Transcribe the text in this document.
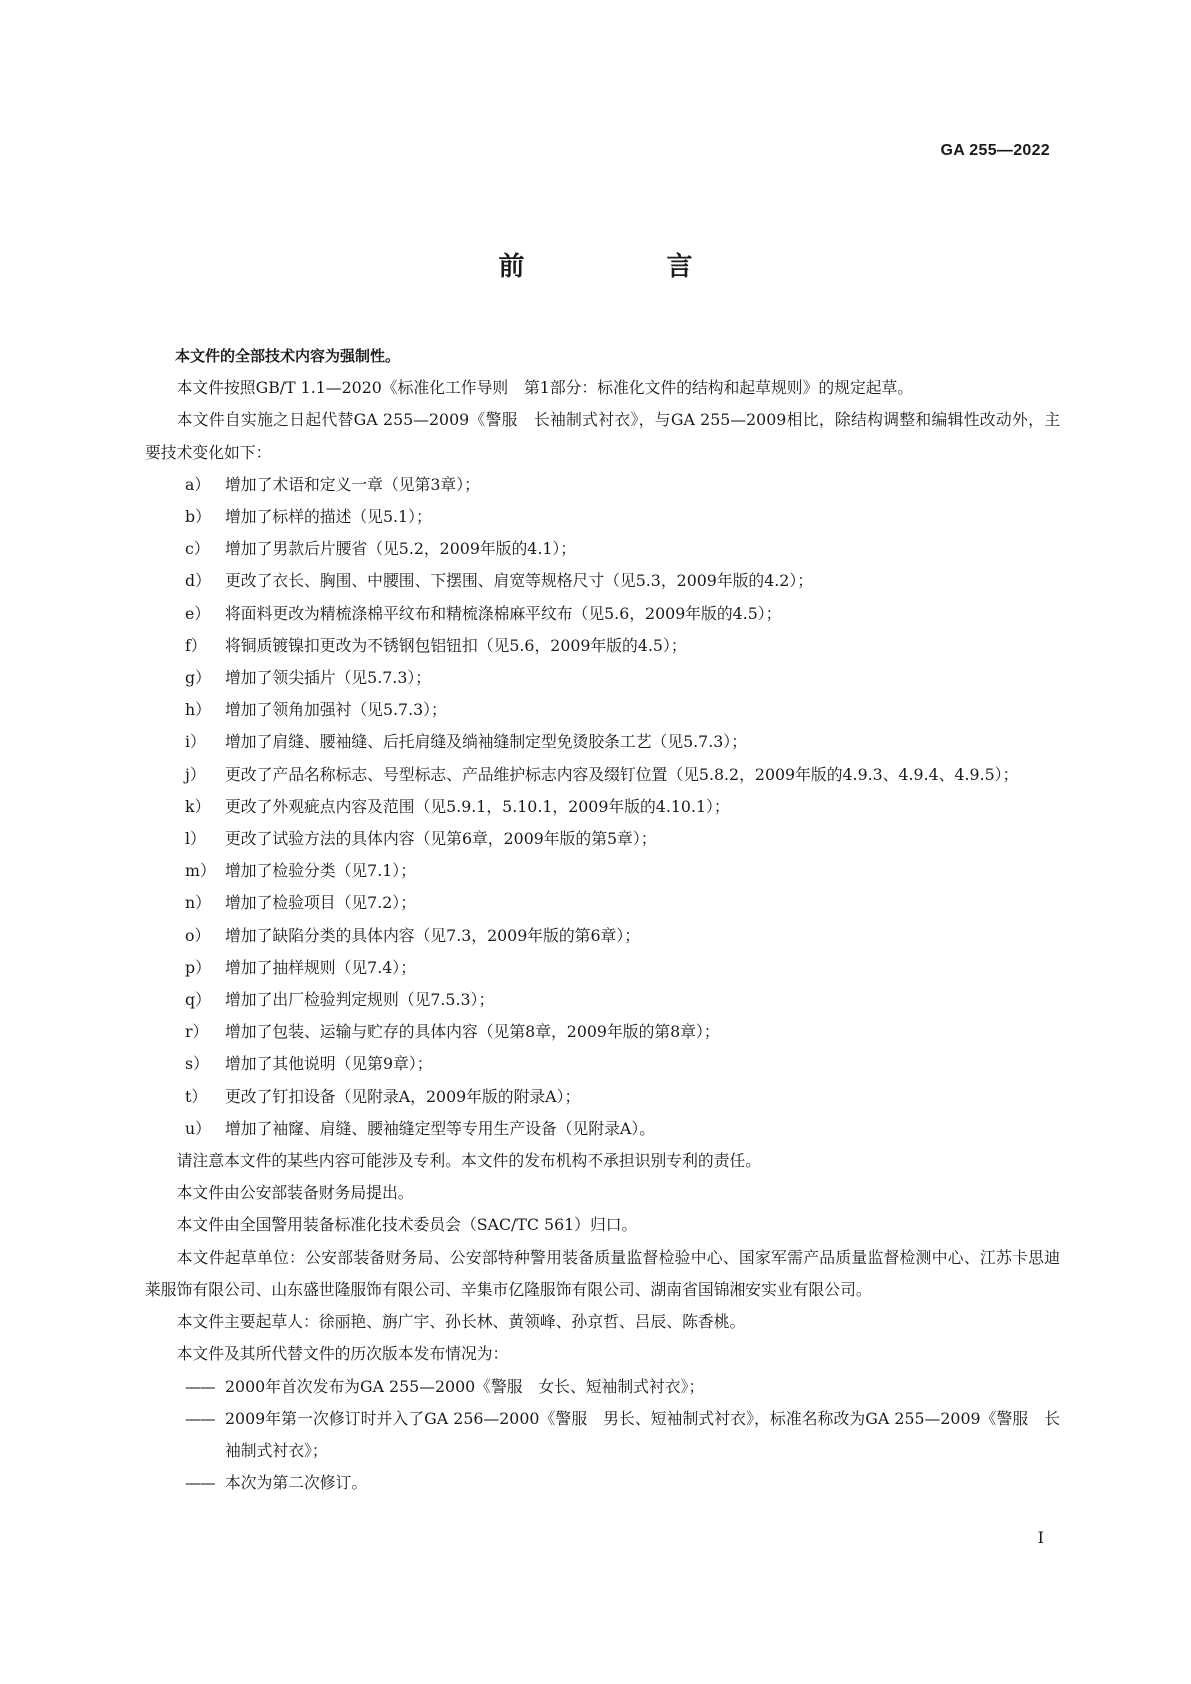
GA 255—2022
前　言

本文件的全部技术内容为强制性。

本文件按照GB/T 1.1—2020《标准化工作导则　第1部分：标准化文件的结构和起草规则》的规定起草。

本文件自实施之日起代替GA 255—2009《警服　长袖制式衬衣》，与GA 255—2009相比，除结构调整和编辑性改动外，主要技术变化如下：

a） 增加了术语和定义一章（见第3章）；
b） 增加了标样的描述（见5.1）；
c） 增加了男款后片腰省（见5.2，2009年版的4.1）；
d） 更改了衣长、胸围、中腰围、下摆围、肩宽等规格尺寸（见5.3，2009年版的4.2）；
e） 将面料更改为精梳涤棉平纹布和精梳涤棉麻平纹布（见5.6，2009年版的4.5）；
f）	将铜质镀镍扣更改为不锈钢包铝钮扣（见5.6，2009年版的4.5）；
g） 增加了领尖插片（见5.7.3）；
h） 增加了领角加强衬（见5.7.3）；
i）	增加了肩缝、腰袖缝、后托肩缝及绱袖缝制定型免烫胶条工艺（见5.7.3）；
j）	更改了产品名称标志、号型标志、产品维护标志内容及缀钉位置（见5.8.2，2009年版的4.9.3、4.9.4、4.9.5）；
k） 更改了外观疵点内容及范围（见5.9.1，5.10.1，2009年版的4.10.1）；
l）	更改了试验方法的具体内容（见第6章，2009年版的第5章）；
m） 增加了检验分类（见7.1）；
n） 增加了检验项目（见7.2）；
o） 增加了缺陷分类的具体内容（见7.3，2009年版的第6章）；
p） 增加了抽样规则（见7.4）；
q） 增加了出厂检验判定规则（见7.5.3）；
r）	增加了包装、运输与贮存的具体内容（见第8章，2009年版的第8章）；
s）	增加了其他说明（见第9章）；
t）	更改了钉扣设备（见附录A，2009年版的附录A）；
u） 增加了袖窿、肩缝、腰袖缝定型等专用生产设备（见附录A）。

请注意本文件的某些内容可能涉及专利。本文件的发布机构不承担识别专利的责任。

本文件由公安部装备财务局提出。

本文件由全国警用装备标准化技术委员会（SAC/TC 561）归口。

本文件起草单位：公安部装备财务局、公安部特种警用装备质量监督检验中心、国家军需产品质量监督检测中心、江苏卡思迪莱服饰有限公司、山东盛世隆服饰有限公司、辛集市亿隆服饰有限公司、湖南省国锦湘安实业有限公司。

本文件主要起草人：徐丽艳、旃广宇、孙长林、黄领峰、孙京哲、吕辰、陈香桃。

本文件及其所代替文件的历次版本发布情况为：

—— 2000年首次发布为GA 255—2000《警服　女长、短袖制式衬衣》；
—— 2009年第一次修订时并入了GA 256—2000《警服　男长、短袖制式衬衣》，标准名称改为GA 255—2009《警服　长袖制式衬衣》；
—— 本次为第二次修订。
I
